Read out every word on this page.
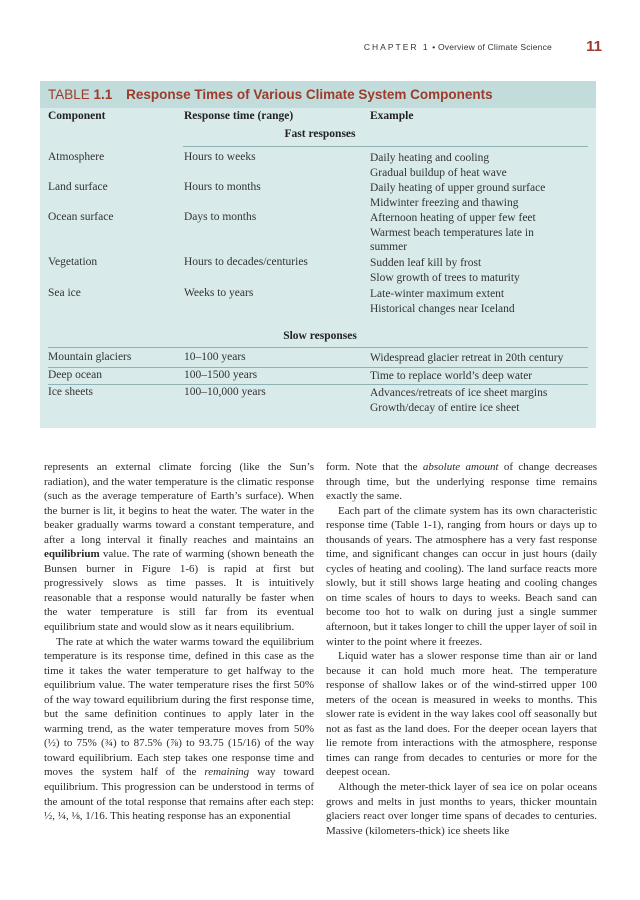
CHAPTER 1 • Overview of Climate Science 11
TABLE 1.1 Response Times of Various Climate System Components
Component	Response time (range)	Example
Fast responses
Atmosphere	Hours to weeks	Daily heating and cooling
Gradual buildup of heat wave
Land surface	Hours to months	Daily heating of upper ground surface
Midwinter freezing and thawing
Ocean surface	Days to months	Afternoon heating of upper few feet
Warmest beach temperatures late in
summer
Vegetation	Hours to decades/centuries	Sudden leaf kill by frost
Slow growth of trees to maturity
Sea ice	Weeks to years	Late-winter maximum extent
Historical changes near Iceland
Slow responses
Mountain glaciers	10–100 years	Widespread glacier retreat in 20th century
Deep ocean	100–1500 years	Time to replace world’s deep water
Ice sheets	100–10,000 years	Advances/retreats of ice sheet margins
Growth/decay of entire ice sheet

represents an external climate forcing (like the Sun’s radiation), and the water temperature is the climatic response (such as the average temperature of Earth’s surface). When the burner is lit, it begins to heat the water. The water in the beaker gradually warms toward a constant temperature, and after a long interval it finally reaches and maintains an equilibrium value. The rate of warming (shown beneath the Bunsen burner in Figure 1-6) is rapid at first but progressively slows as time passes. It is intuitively reasonable that a response would naturally be faster when the water temperature is still far from its eventual equilibrium state and would slow as it nears equilibrium.

The rate at which the water warms toward the equilibrium temperature is its response time, defined in this case as the time it takes the water temperature to get halfway to the equilibrium value. The water temperature rises the first 50% of the way toward equilibrium during the first response time, but the same definition continues to apply later in the warming trend, as the water temperature moves from 50% (½) to 75% (¾) to 87.5% (⅞) to 93.75 (15/16) of the way toward equilibrium. Each step takes one response time and moves the system half of the remaining way toward equilibrium. This progression can be understood in terms of the amount of the total response that remains after each step: ½, ¼, ⅛, 1/16. This heating response has an exponential

form. Note that the absolute amount of change decreases through time, but the underlying response time remains exactly the same.

Each part of the climate system has its own characteristic response time (Table 1-1), ranging from hours or days up to thousands of years. The atmosphere has a very fast response time, and significant changes can occur in just hours (daily cycles of heating and cooling). The land surface reacts more slowly, but it still shows large heating and cooling changes on time scales of hours to days to weeks. Beach sand can become too hot to walk on during just a single summer afternoon, but it takes longer to chill the upper layer of soil in winter to the point where it freezes.

Liquid water has a slower response time than air or land because it can hold much more heat. The temperature response of shallow lakes or of the wind-stirred upper 100 meters of the ocean is measured in weeks to months. This slower rate is evident in the way lakes cool off seasonally but not as fast as the land does. For the deeper ocean layers that lie remote from interactions with the atmosphere, response times can range from decades to centuries or more for the deepest ocean.

Although the meter-thick layer of sea ice on polar oceans grows and melts in just months to years, thicker mountain glaciers react over longer time spans of decades to centuries. Massive (kilometers-thick) ice sheets like
